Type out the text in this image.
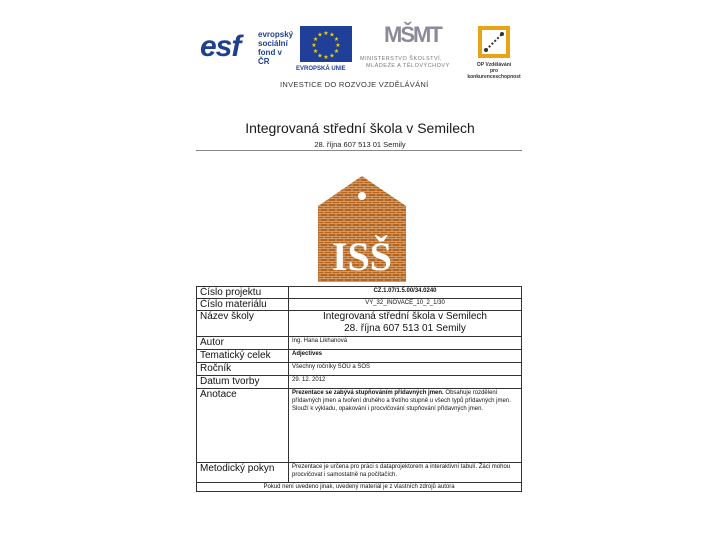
esf evropský
sociální
fond v ČR
★ ★
★
★
★
★
★
★
★
★
★
★
EVROPSKÁ UNIE
MŠMT
MINISTERSTVO ŠKOLSTVÍ,
MLÁDEŽE A TĚLOVÝCHOVY	OP Vzdělávání
pro konkurenceschopnost
INVESTICE DO ROZVOJE VZDĚLÁVÁNÍ
Integrovaná střední škola v Semilech
28. října 607 513 01 Semily
ISŠ
Číslo projektu	CZ.1.07/1.5.00/34.0240
Číslo materiálu	VY_32_INOVACE_10_2_1/30
Název školy	Integrovaná střední škola v Semilech
28. října 607 513 01 Semily

Autor	Ing. Hana Likhanová
Tematický celek	Adjectives
Ročník	Všechny ročníky SOU a SOŠ
Datum tvorby	29. 12. 2012
Anotace	Prezentace se zabývá stupňováním přídavných jmen. Obsahuje rozdělení přídavných jmen a tvoření druhého a třetího stupně u všech typů přídavných jmen. Slouží k výkladu, opakování i procvičování stupňování přídavných jmen.
Metodický pokyn	Prezentace je určena pro práci s dataprojektorem a interaktivní tabulí. Žáci mohou procvičovat i samostatně na počítačích.
Pokud není uvedeno jinak, uvedený materiál je z vlastních zdrojů autora	
